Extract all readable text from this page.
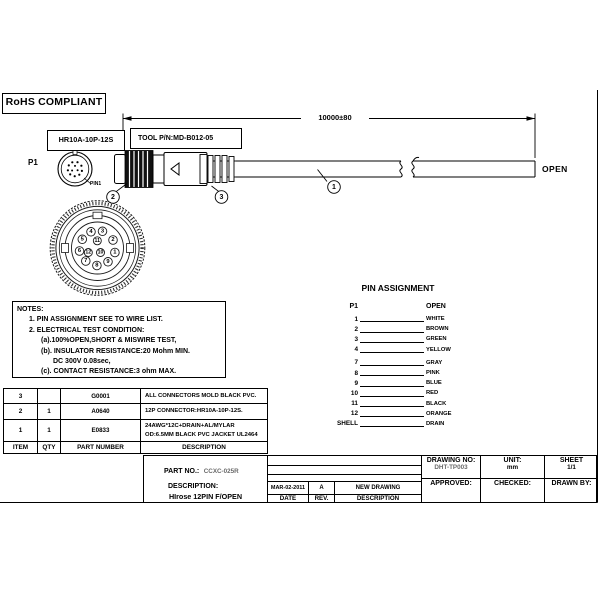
1
2	3
1
2
3
4
5
6
7
8
9
10
11
12
RoHS COMPLIANT
HR10A-10P-12S	TOOL P/N:MD-B012-05
P1
PIN1
10000±80
OPEN
NOTES:
1. PIN ASSIGNMENT SEE TO WIRE LIST.
2. ELECTRICAL TEST CONDITION:
(a).100%OPEN,SHORT & MISWIRE TEST,
(b). INSULATOR RESISTANCE:20 Mohm MIN.
DC 300V 0.08sec,
(c). CONTACT RESISTANCE:3 ohm MAX.
PIN ASSIGNMENT
P1	OPEN
1	WHITE
2	BROWN
3	GREEN
4	YELLOW
7	GRAY
8	PINK
9	BLUE
10	RED
11	BLACK
12	ORANGE
SHELL	DRAIN
3		G0001	ALL CONNECTORS MOLD BLACK PVC.
2	1	A0640	12P CONNECTOR:HR10A-10P-12S.
1	1	E0833	24AWG*12C+DRAIN+AL/MYLAR OD:6.5MM BLACK PVC JACKET UL2464
ITEM	QTY	PART NUMBER	DESCRIPTION
PART NO.: CCXC-025R
DESCRIPTION:
HIrose 12PIN F/OPEN
MAR-02-2011	A	NEW DRAWING
DATE	REV.	DESCRIPTION
DRAWING NO:
DHT-TP003
UNIT:
mm
SHEET
1/1
APPROVED:	CHECKED:	DRAWN BY:
